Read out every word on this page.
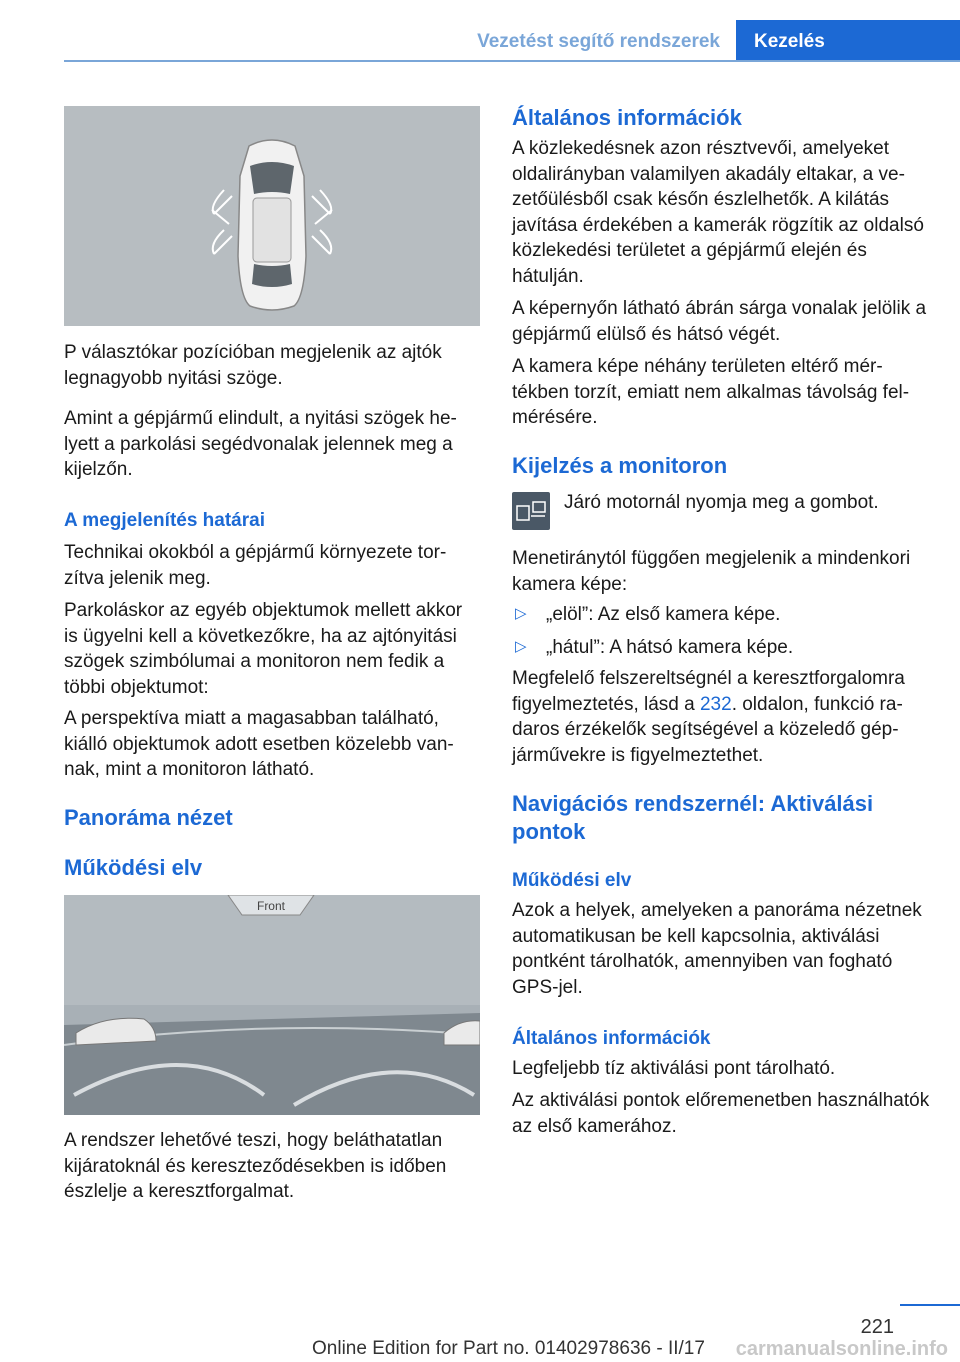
Vezetést segítő rendszerek	Kezelés

P választókar pozícióban megjelenik az ajtók legnagyobb nyitási szöge.

Amint a gépjármű elindult, a nyitási szögek helyett a parkolási segédvonalak jelennek meg a kijelzőn.

A megjelenítés határai

Technikai okokból a gépjármű környezete torzítva jelenik meg.

Parkoláskor az egyéb objektumok mellett akkor is ügyelni kell a következőkre, ha az ajtónyitási szögek szimbólumai a monitoron nem fedik a többi objektumot:

A perspektíva miatt a magasabban található, kiálló objektumok adott esetben közelebb vannak, mint a monitoron látható.

Panoráma nézet

Működési elv

Front

A rendszer lehetővé teszi, hogy beláthatatlan kijáratoknál és kereszteződésekben is időben észlelje a keresztforgalmat.

Általános információk

A közlekedésnek azon résztvevői, amelyeket oldalirányban valamilyen akadály eltakar, a vezetőülésből csak későn észlelhetők. A kilátás javítása érdekében a kamerák rögzítik az oldalsó közlekedési területet a gépjármű elején és hátulján.

A képernyőn látható ábrán sárga vonalak jelölik a gépjármű elülső és hátsó végét.

A kamera képe néhány területen eltérő mértékben torzít, emiatt nem alkalmas távolság felmérésére.

Kijelzés a monitoron

Járó motornál nyomja meg a gombot.

Menetiránytól függően megjelenik a mindenkori kamera képe:

▷ „elöl”: Az első kamera képe.

▷ „hátul”: A hátsó kamera képe.

Megfelelő felszereltségnél a keresztforgalomra figyelmeztetés, lásd a 232. oldalon, funkció radaros érzékelők segítségével a közeledő gépjárművekre is figyelmeztethet.

Navigációs rendszernél: Aktiválási pontok

Működési elv

Azok a helyek, amelyeken a panoráma nézetnek automatikusan be kell kapcsolnia, aktiválási pontként tárolhatók, amennyiben van fogható GPS-jel.

Általános információk

Legfeljebb tíz aktiválási pont tárolható.

Az aktiválási pontok előremenetben használhatók az első kamerához.

221
Online Edition for Part no. 01402978636 - II/17 carmanualsonline.info
